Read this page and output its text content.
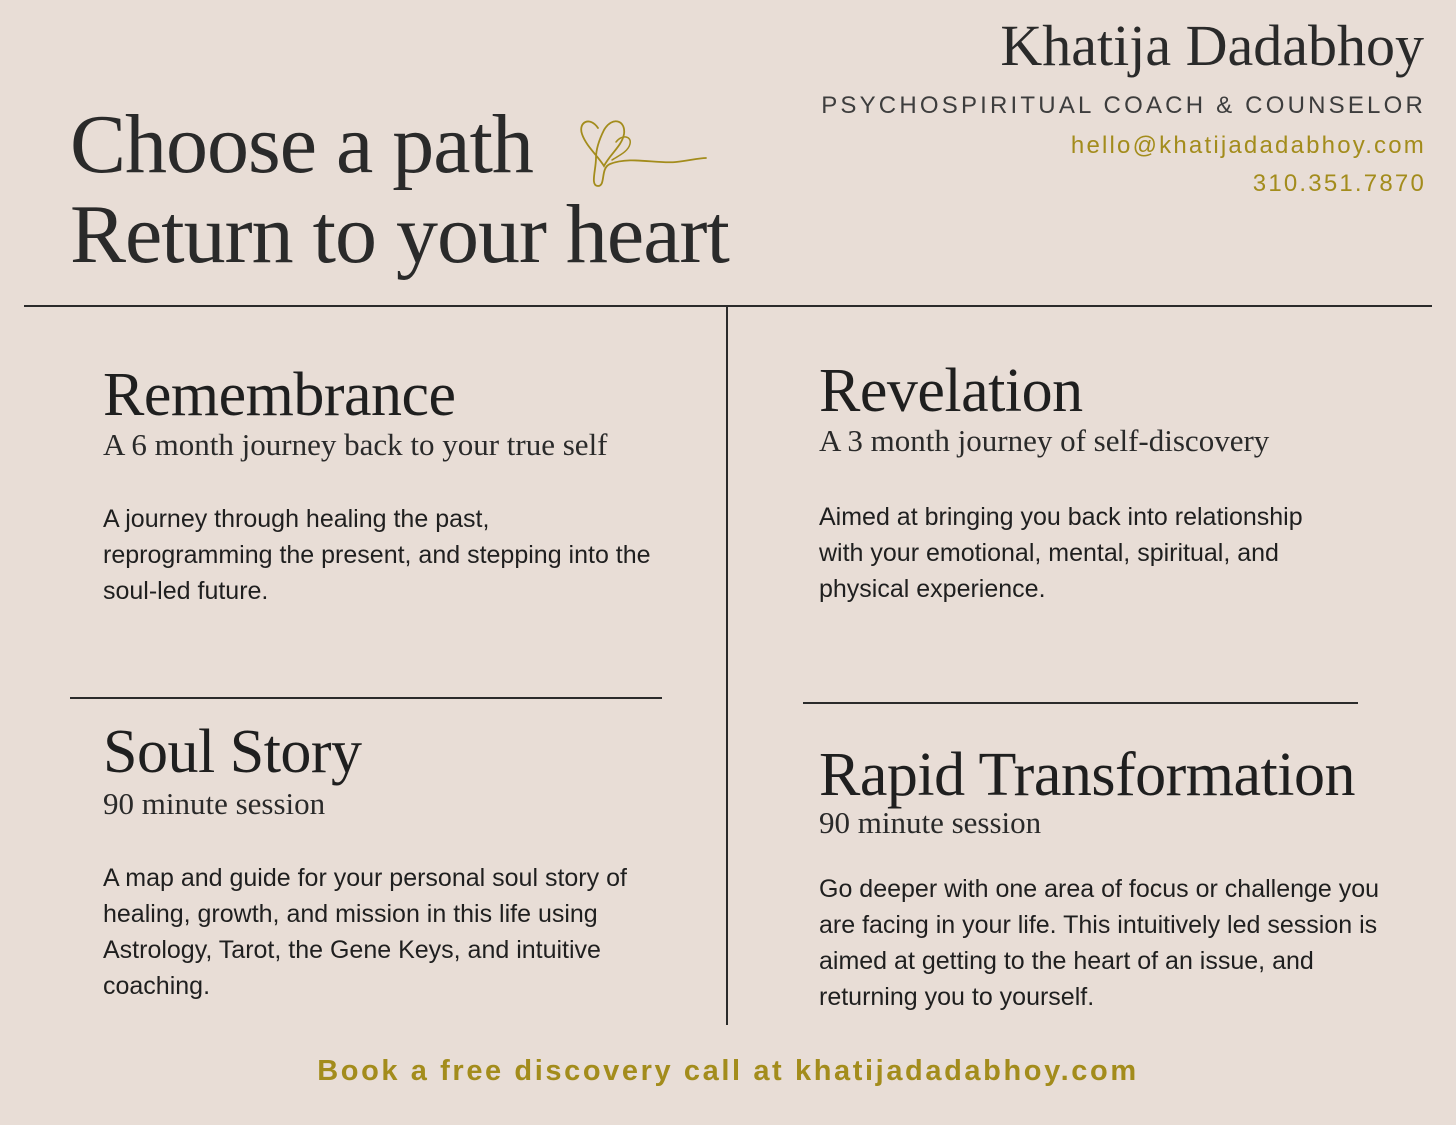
Choose a path
Return to your heart
Khatija Dadabhoy
PSYCHOSPIRITUAL COACH & COUNSELOR
hello@khatijadadabhoy.com
310.351.7870
Remembrance
A 6 month journey back to your true self
A journey through healing the past, reprogramming the present, and stepping into the soul-led future.
Revelation
A 3 month journey of self-discovery
Aimed at bringing you back into relationship with your emotional, mental, spiritual, and physical experience.
Soul Story
90 minute session
A map and guide for your personal soul story of healing, growth, and mission in this life using Astrology, Tarot, the Gene Keys, and intuitive coaching.
Rapid Transformation
90 minute session
Go deeper with one area of focus or challenge you are facing in your life. This intuitively led session is aimed at getting to the heart of an issue, and returning you to yourself.
Book a free discovery call at khatijadadabhoy.com
